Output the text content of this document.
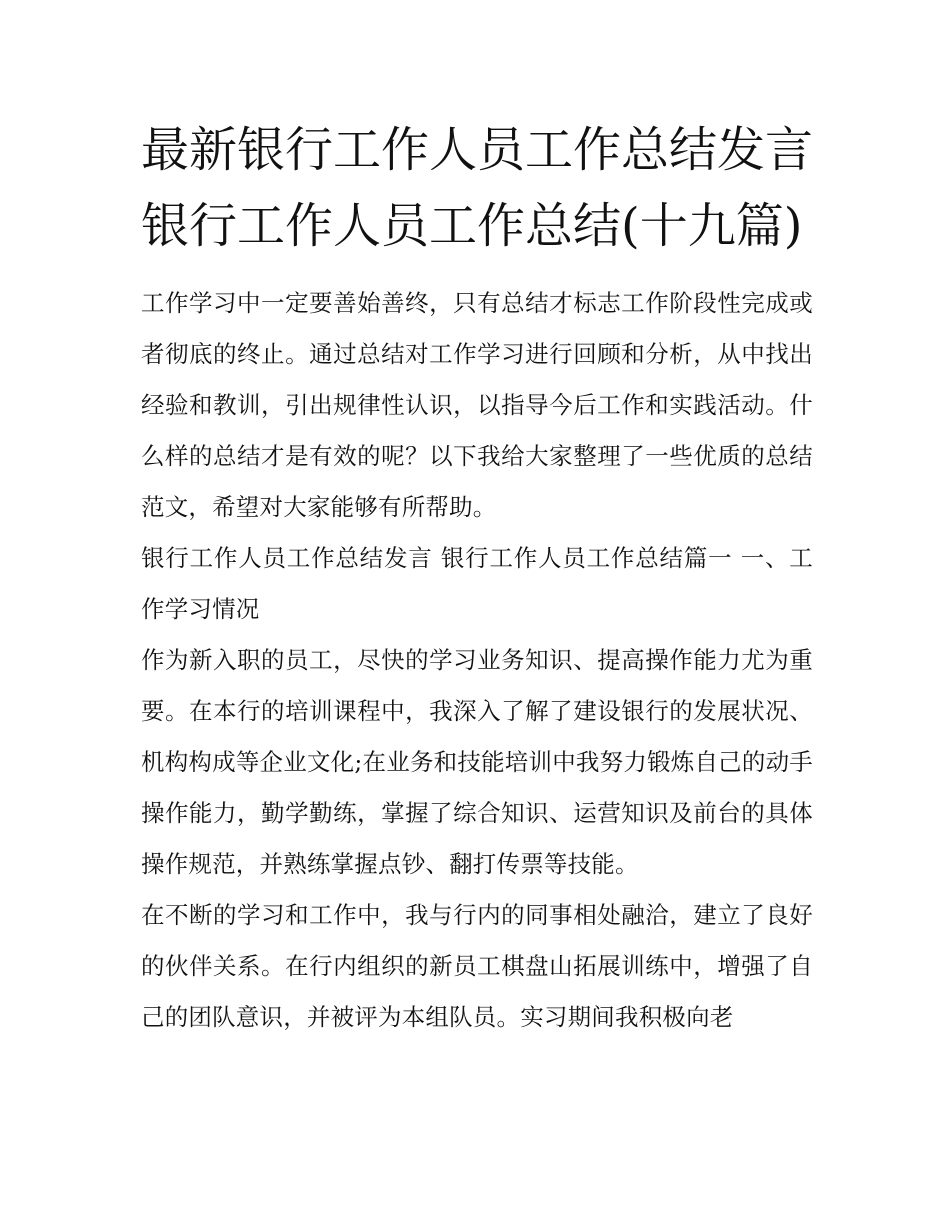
最新银行工作人员工作总结发言 银行工作人员工作总结(十九篇)

工作学习中一定要善始善终，只有总结才标志工作阶段性完成或者彻底的终止。通过总结对工作学习进行回顾和分析，从中找出经验和教训，引出规律性认识，以指导今后工作和实践活动。什么样的总结才是有效的呢？以下我给大家整理了一些优质的总结范文，希望对大家能够有所帮助。

银行工作人员工作总结发言 银行工作人员工作总结篇一 一、工作学习情况

作为新入职的员工，尽快的学习业务知识、提高操作能力尤为重要。在本行的培训课程中，我深入了解了建设银行的发展状况、机构构成等企业文化;在业务和技能培训中我努力锻炼自己的动手操作能力，勤学勤练，掌握了综合知识、运营知识及前台的具体操作规范，并熟练掌握点钞、翻打传票等技能。

在不断的学习和工作中，我与行内的同事相处融洽，建立了良好的伙伴关系。在行内组织的新员工棋盘山拓展训练中，增强了自己的团队意识，并被评为本组队员。实习期间我积极向老
